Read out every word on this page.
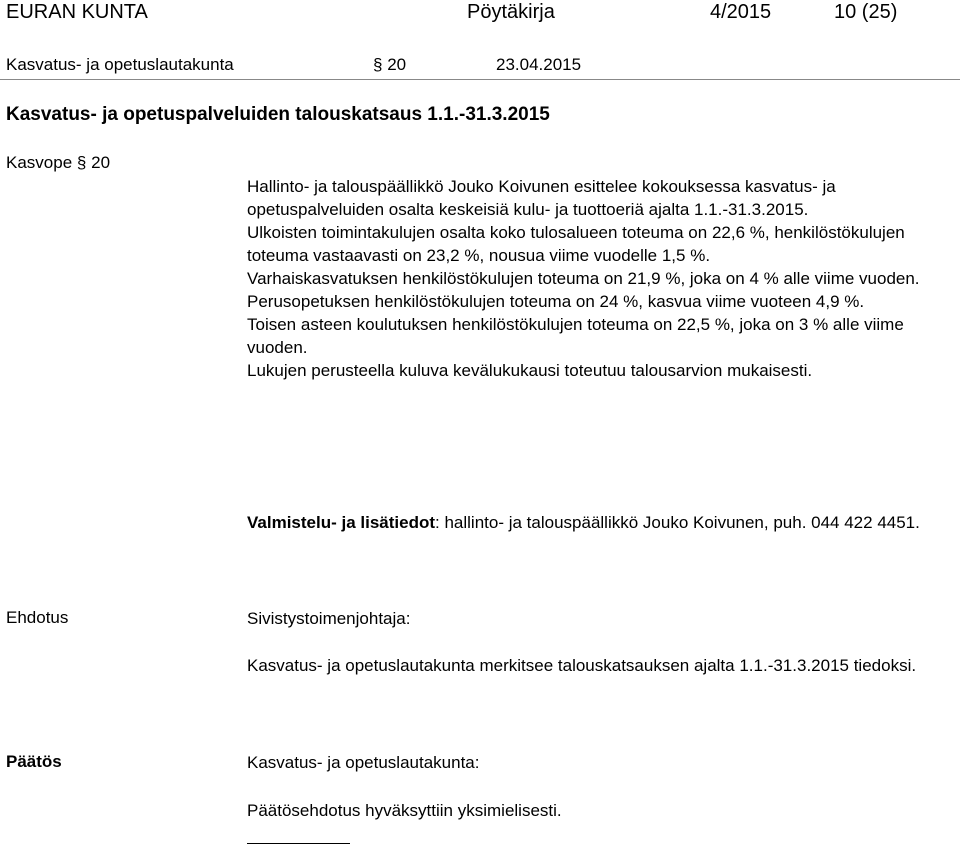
EURAN KUNTA	Pöytäkirja	4/2015	10 (25)
Kasvatus- ja opetuslautakunta	§ 20	23.04.2015
Kasvatus- ja opetuspalveluiden talouskatsaus 1.1.-31.3.2015
Kasvope § 20

Hallinto- ja talouspäällikkö Jouko Koivunen esittelee kokouksessa kasvatus- ja opetuspalveluiden osalta keskeisiä kulu- ja tuottoeriä ajalta 1.1.-31.3.2015.

Ulkoisten toimintakulujen osalta koko tulosalueen toteuma on 22,6 %, henkilöstökulujen toteuma vastaavasti on 23,2 %, nousua viime vuodelle 1,5 %.

Varhaiskasvatuksen henkilöstökulujen toteuma on 21,9 %, joka on 4 % alle viime vuoden.

Perusopetuksen henkilöstökulujen toteuma on 24 %, kasvua viime vuoteen 4,9 %.

Toisen asteen koulutuksen henkilöstökulujen toteuma on 22,5 %, joka on 3 % alle viime vuoden.

Lukujen perusteella kuluva kevälukukausi toteutuu talousarvion mukaisesti.

Valmistelu- ja lisätiedot: hallinto- ja talouspäällikkö Jouko Koivunen, puh. 044 422 4451.

Ehdotus	Sivistystoimenjohtaja:

Kasvatus- ja opetuslautakunta merkitsee talouskatsauksen ajalta 1.1.-31.3.2015 tiedoksi.

Päätös	Kasvatus- ja opetuslautakunta:

Päätösehdotus hyväksyttiin yksimielisesti.
